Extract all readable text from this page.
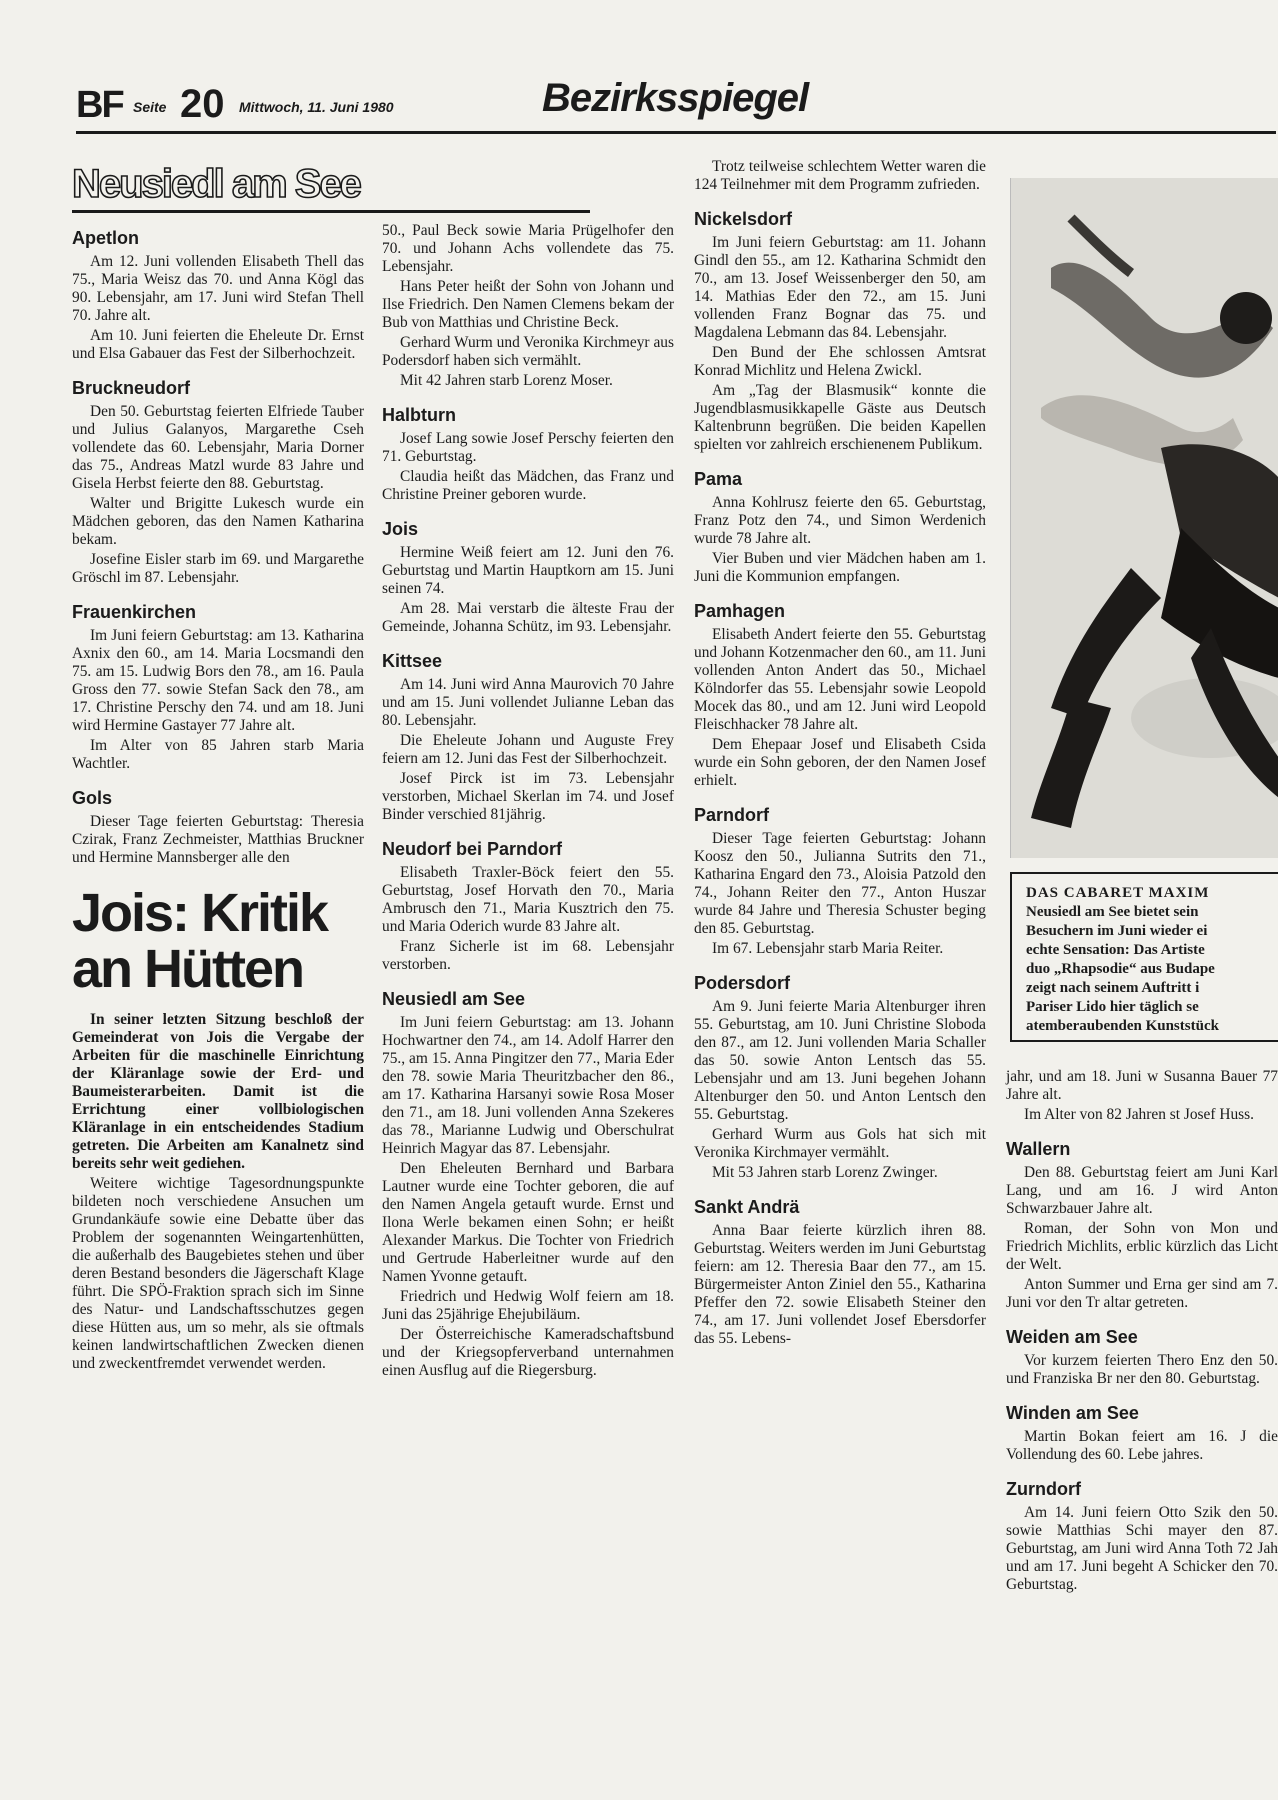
BF Seite 20 Mittwoch, 11. Juni 1980	Bezirksspiegel
Neusiedl am See
Apetlon

Am 12. Juni vollenden Elisabeth Thell das 75., Maria Weisz das 70. und Anna Kögl das 90. Lebensjahr, am 17. Juni wird Stefan Thell 70. Jahre alt.

Am 10. Juni feierten die Eheleute Dr. Ernst und Elsa Gabauer das Fest der Silberhochzeit.

Bruckneudorf

Den 50. Geburtstag feierten Elfriede Tauber und Julius Galanyos, Margarethe Cseh vollendete das 60. Lebensjahr, Maria Dorner das 75., Andreas Matzl wurde 83 Jahre und Gisela Herbst feierte den 88. Geburtstag.

Walter und Brigitte Lukesch wurde ein Mädchen geboren, das den Namen Katharina bekam.

Josefine Eisler starb im 69. und Margarethe Gröschl im 87. Lebensjahr.

Frauenkirchen

Im Juni feiern Geburtstag: am 13. Katharina Axnix den 60., am 14. Maria Locsmandi den 75. am 15. Ludwig Bors den 78., am 16. Paula Gross den 77. sowie Stefan Sack den 78., am 17. Christine Perschy den 74. und am 18. Juni wird Hermine Gastayer 77 Jahre alt.

Im Alter von 85 Jahren starb Maria Wachtler.

Gols

Dieser Tage feierten Geburtstag: Theresia Czirak, Franz Zechmeister, Matthias Bruckner und Hermine Mannsberger alle den

Jois: Kritik
an Hütten

In seiner letzten Sitzung beschloß der Gemeinderat von Jois die Vergabe der Arbeiten für die maschinelle Einrichtung der Kläranlage sowie der Erd- und Baumeisterarbeiten. Damit ist die Errichtung einer vollbiologischen Kläranlage in ein entscheidendes Stadium getreten. Die Arbeiten am Kanalnetz sind bereits sehr weit gediehen.

Weitere wichtige Tagesordnungspunkte bildeten noch verschiedene Ansuchen um Grundankäufe sowie eine Debatte über das Problem der sogenannten Weingartenhütten, die außerhalb des Baugebietes stehen und über deren Bestand besonders die Jägerschaft Klage führt. Die SPÖ-Fraktion sprach sich im Sinne des Natur- und Landschaftsschutzes gegen diese Hütten aus, um so mehr, als sie oftmals keinen landwirtschaftlichen Zwecken dienen und zweckentfremdet verwendet werden.

50., Paul Beck sowie Maria Prügelhofer den 70. und Johann Achs vollendete das 75. Lebensjahr.

Hans Peter heißt der Sohn von Johann und Ilse Friedrich. Den Namen Clemens bekam der Bub von Matthias und Christine Beck.

Gerhard Wurm und Veronika Kirchmeyr aus Podersdorf haben sich vermählt.

Mit 42 Jahren starb Lorenz Moser.

Halbturn

Josef Lang sowie Josef Perschy feierten den 71. Geburtstag.

Claudia heißt das Mädchen, das Franz und Christine Preiner geboren wurde.

Jois

Hermine Weiß feiert am 12. Juni den 76. Geburtstag und Martin Hauptkorn am 15. Juni seinen 74.

Am 28. Mai verstarb die älteste Frau der Gemeinde, Johanna Schütz, im 93. Lebensjahr.

Kittsee

Am 14. Juni wird Anna Maurovich 70 Jahre und am 15. Juni vollendet Julianne Leban das 80. Lebensjahr.

Die Eheleute Johann und Auguste Frey feiern am 12. Juni das Fest der Silberhochzeit.

Josef Pirck ist im 73. Lebensjahr verstorben, Michael Skerlan im 74. und Josef Binder verschied 81jährig.

Neudorf bei Parndorf

Elisabeth Traxler-Böck feiert den 55. Geburtstag, Josef Horvath den 70., Maria Ambrusch den 71., Maria Kusztrich den 75. und Maria Oderich wurde 83 Jahre alt.

Franz Sicherle ist im 68. Lebensjahr verstorben.

Neusiedl am See

Im Juni feiern Geburtstag: am 13. Johann Hochwartner den 74., am 14. Adolf Harrer den 75., am 15. Anna Pingitzer den 77., Maria Eder den 78. sowie Maria Theuritzbacher den 86., am 17. Katharina Harsanyi sowie Rosa Moser den 71., am 18. Juni vollenden Anna Szekeres das 78., Marianne Ludwig und Oberschulrat Heinrich Magyar das 87. Lebensjahr.

Den Eheleuten Bernhard und Barbara Lautner wurde eine Tochter geboren, die auf den Namen Angela getauft wurde. Ernst und Ilona Werle bekamen einen Sohn; er heißt Alexander Markus. Die Tochter von Friedrich und Gertrude Haberleitner wurde auf den Namen Yvonne getauft.

Friedrich und Hedwig Wolf feiern am 18. Juni das 25jährige Ehejubiläum.

Der Österreichische Kameradschaftsbund und der Kriegsopferverband unternahmen einen Ausflug auf die Riegersburg.

Trotz teilweise schlechtem Wetter waren die 124 Teilnehmer mit dem Programm zufrieden.

Nickelsdorf

Im Juni feiern Geburtstag: am 11. Johann Gindl den 55., am 12. Katharina Schmidt den 70., am 13. Josef Weissenberger den 50, am 14. Mathias Eder den 72., am 15. Juni vollenden Franz Bognar das 75. und Magdalena Lebmann das 84. Lebensjahr.

Den Bund der Ehe schlossen Amtsrat Konrad Michlitz und Helena Zwickl.

Am „Tag der Blasmusik“ konnte die Jugendblasmusikkapelle Gäste aus Deutsch Kaltenbrunn begrüßen. Die beiden Kapellen spielten vor zahlreich erschienenem Publikum.

Pama

Anna Kohlrusz feierte den 65. Geburtstag, Franz Potz den 74., und Simon Werdenich wurde 78 Jahre alt.

Vier Buben und vier Mädchen haben am 1. Juni die Kommunion empfangen.

Pamhagen

Elisabeth Andert feierte den 55. Geburtstag und Johann Kotzenmacher den 60., am 11. Juni vollenden Anton Andert das 50., Michael Kölndorfer das 55. Lebensjahr sowie Leopold Mocek das 80., und am 12. Juni wird Leopold Fleischhacker 78 Jahre alt.

Dem Ehepaar Josef und Elisabeth Csida wurde ein Sohn geboren, der den Namen Josef erhielt.

Parndorf

Dieser Tage feierten Geburtstag: Johann Koosz den 50., Julianna Sutrits den 71., Katharina Engard den 73., Aloisia Patzold den 74., Johann Reiter den 77., Anton Huszar wurde 84 Jahre und Theresia Schuster beging den 85. Geburtstag.

Im 67. Lebensjahr starb Maria Reiter.

Podersdorf

Am 9. Juni feierte Maria Altenburger ihren 55. Geburtstag, am 10. Juni Christine Sloboda den 87., am 12. Juni vollenden Maria Schaller das 50. sowie Anton Lentsch das 55. Lebensjahr und am 13. Juni begehen Johann Altenburger den 50. und Anton Lentsch den 55. Geburtstag.

Gerhard Wurm aus Gols hat sich mit Veronika Kirchmayer vermählt.

Mit 53 Jahren starb Lorenz Zwinger.

Sankt Andrä

Anna Baar feierte kürzlich ihren 88. Geburtstag. Weiters werden im Juni Geburtstag feiern: am 12. Theresia Baar den 77., am 15. Bürgermeister Anton Ziniel den 55., Katharina Pfeffer den 72. sowie Elisabeth Steiner den 74., am 17. Juni vollendet Josef Ebersdorfer das 55. Lebens-

DAS CABARET MAXIM
Neusiedl am See bietet sein
Besuchern im Juni wieder ei
echte Sensation: Das Artiste
duo „Rhapsodie“ aus Budape
zeigt nach seinem Auftritt i
Pariser Lido hier täglich se
atemberaubenden Kunststück

jahr, und am 18. Juni w Susanna Bauer 77 Jahre alt.

Im Alter von 82 Jahren st Josef Huss.

Wallern

Den 88. Geburtstag feiert am Juni Karl Lang, und am 16. J wird Anton Schwarzbauer Jahre alt.

Roman, der Sohn von Mon und Friedrich Michlits, erblic kürzlich das Licht der Welt.

Anton Summer und Erna ger sind am 7. Juni vor den Tr altar getreten.

Weiden am See

Vor kurzem feierten Thero Enz den 50. und Franziska Br ner den 80. Geburtstag.

Winden am See

Martin Bokan feiert am 16. J die Vollendung des 60. Lebe jahres.

Zurndorf

Am 14. Juni feiern Otto Szik den 50. sowie Matthias Schi mayer den 87. Geburtstag, am Juni wird Anna Toth 72 Jah und am 17. Juni begeht A Schicker den 70. Geburtstag.
